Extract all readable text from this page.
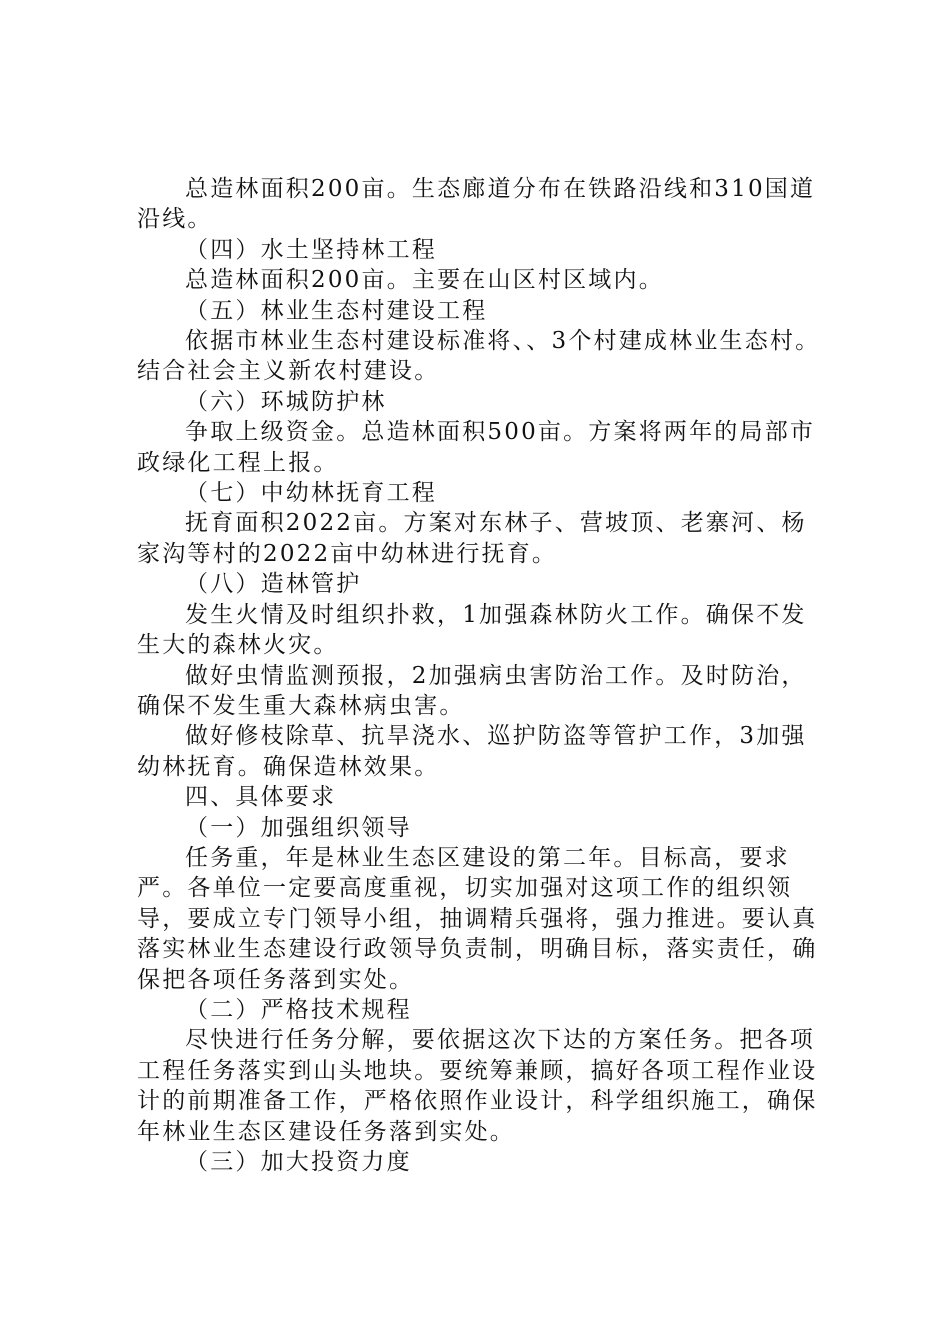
总造林面积200亩。生态廊道分布在铁路沿线和310国道沿线。

（四）水土坚持林工程

总造林面积200亩。主要在山区村区域内。

（五）林业生态村建设工程

依据市林业生态村建设标准将、、3个村建成林业生态村。结合社会主义新农村建设。

（六）环城防护林

争取上级资金。总造林面积500亩。方案将两年的局部市政绿化工程上报。

（七）中幼林抚育工程

抚育面积2022亩。方案对东林子、营坡顶、老寨河、杨家沟等村的2022亩中幼林进行抚育。

（八）造林管护

发生火情及时组织扑救，1加强森林防火工作。确保不发生大的森林火灾。

做好虫情监测预报，2加强病虫害防治工作。及时防治，确保不发生重大森林病虫害。

做好修枝除草、抗旱浇水、巡护防盗等管护工作，3加强幼林抚育。确保造林效果。

四、具体要求

（一）加强组织领导

任务重，年是林业生态区建设的第二年。目标高，要求严。各单位一定要高度重视，切实加强对这项工作的组织领导，要成立专门领导小组，抽调精兵强将，强力推进。要认真落实林业生态建设行政领导负责制，明确目标，落实责任，确保把各项任务落到实处。

（二）严格技术规程

尽快进行任务分解，要依据这次下达的方案任务。把各项工程任务落实到山头地块。要统筹兼顾，搞好各项工程作业设计的前期准备工作，严格依照作业设计，科学组织施工，确保年林业生态区建设任务落到实处。

（三）加大投资力度
